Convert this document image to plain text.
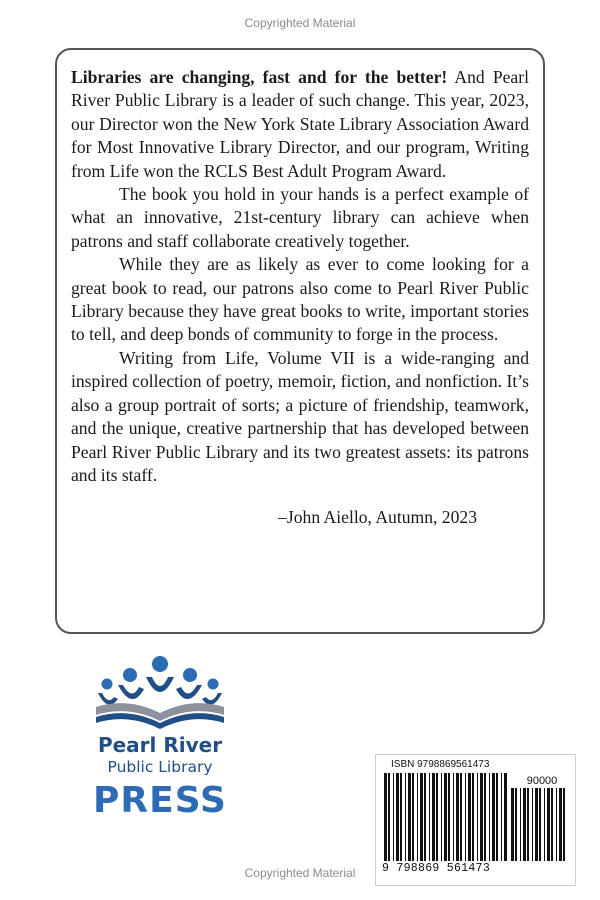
Copyrighted Material

Libraries are changing, fast and for the better! And Pearl River Public Library is a leader of such change. This year, 2023, our Director won the New York State Library Association Award for Most Innovative Library Director, and our program, Writing from Life won the RCLS Best Adult Program Award.

The book you hold in your hands is a perfect example of what an innovative, 21st-century library can achieve when patrons and staff collaborate creatively together.

While they are as likely as ever to come looking for a great book to read, our patrons also come to Pearl River Public Library because they have great books to write, important stories to tell, and deep bonds of community to forge in the process.

Writing from Life, Volume VII is a wide-ranging and inspired collection of poetry, memoir, fiction, and nonfiction. It’s also a group portrait of sorts; a picture of friendship, teamwork, and the unique, creative partnership that has developed between Pearl River Public Library and its two greatest assets: its patrons and its staff.

–John Aiello, Autumn, 2023

Pearl River
Public Library
PRESS
ISBN 9798869561473
90000
9 798869 561473
Copyrighted Material
